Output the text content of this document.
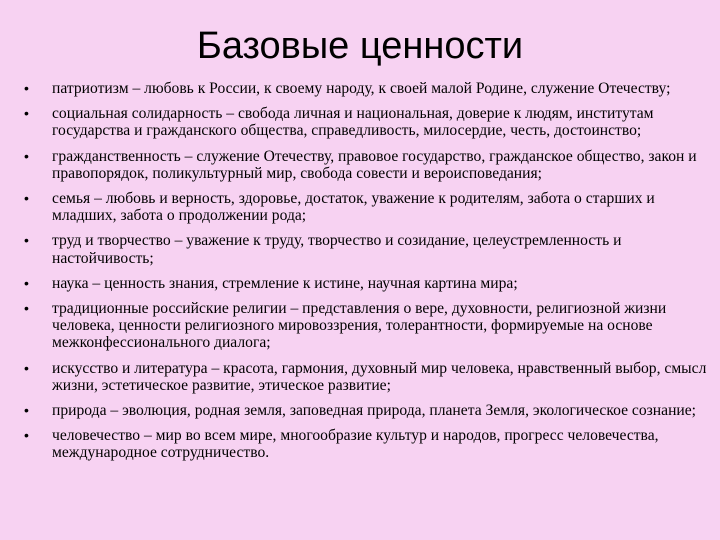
Базовые ценности
• патриотизм – любовь к России, к своему народу, к своей малой Родине, служение Отечеству;
• социальная солидарность – свобода личная и национальная, доверие к людям, институтам государства и гражданского общества, справедливость, милосердие, честь, достоинство;
• гражданственность – служение Отечеству, правовое государство, гражданское общество, закон и правопорядок, поликультурный мир, свобода совести и вероисповедания;
• семья – любовь и верность, здоровье, достаток, уважение к родителям, забота о старших и младших, забота о продолжении рода;
• труд и творчество – уважение к труду, творчество и созидание, целеустремленность и настойчивость;
• наука – ценность знания, стремление к истине, научная картина мира;
• традиционные российские религии – представления о вере, духовности, религиозной жизни человека, ценности религиозного мировоззрения, толерантности, формируемые на основе межконфессионального диалога;
• искусство и литература – красота, гармония, духовный мир человека, нравственный выбор, смысл жизни, эстетическое развитие, этическое развитие;
• природа – эволюция, родная земля, заповедная природа, планета Земля, экологическое сознание;
• человечество – мир во всем мире, многообразие культур и народов, прогресс человечества, международное сотрудничество.
